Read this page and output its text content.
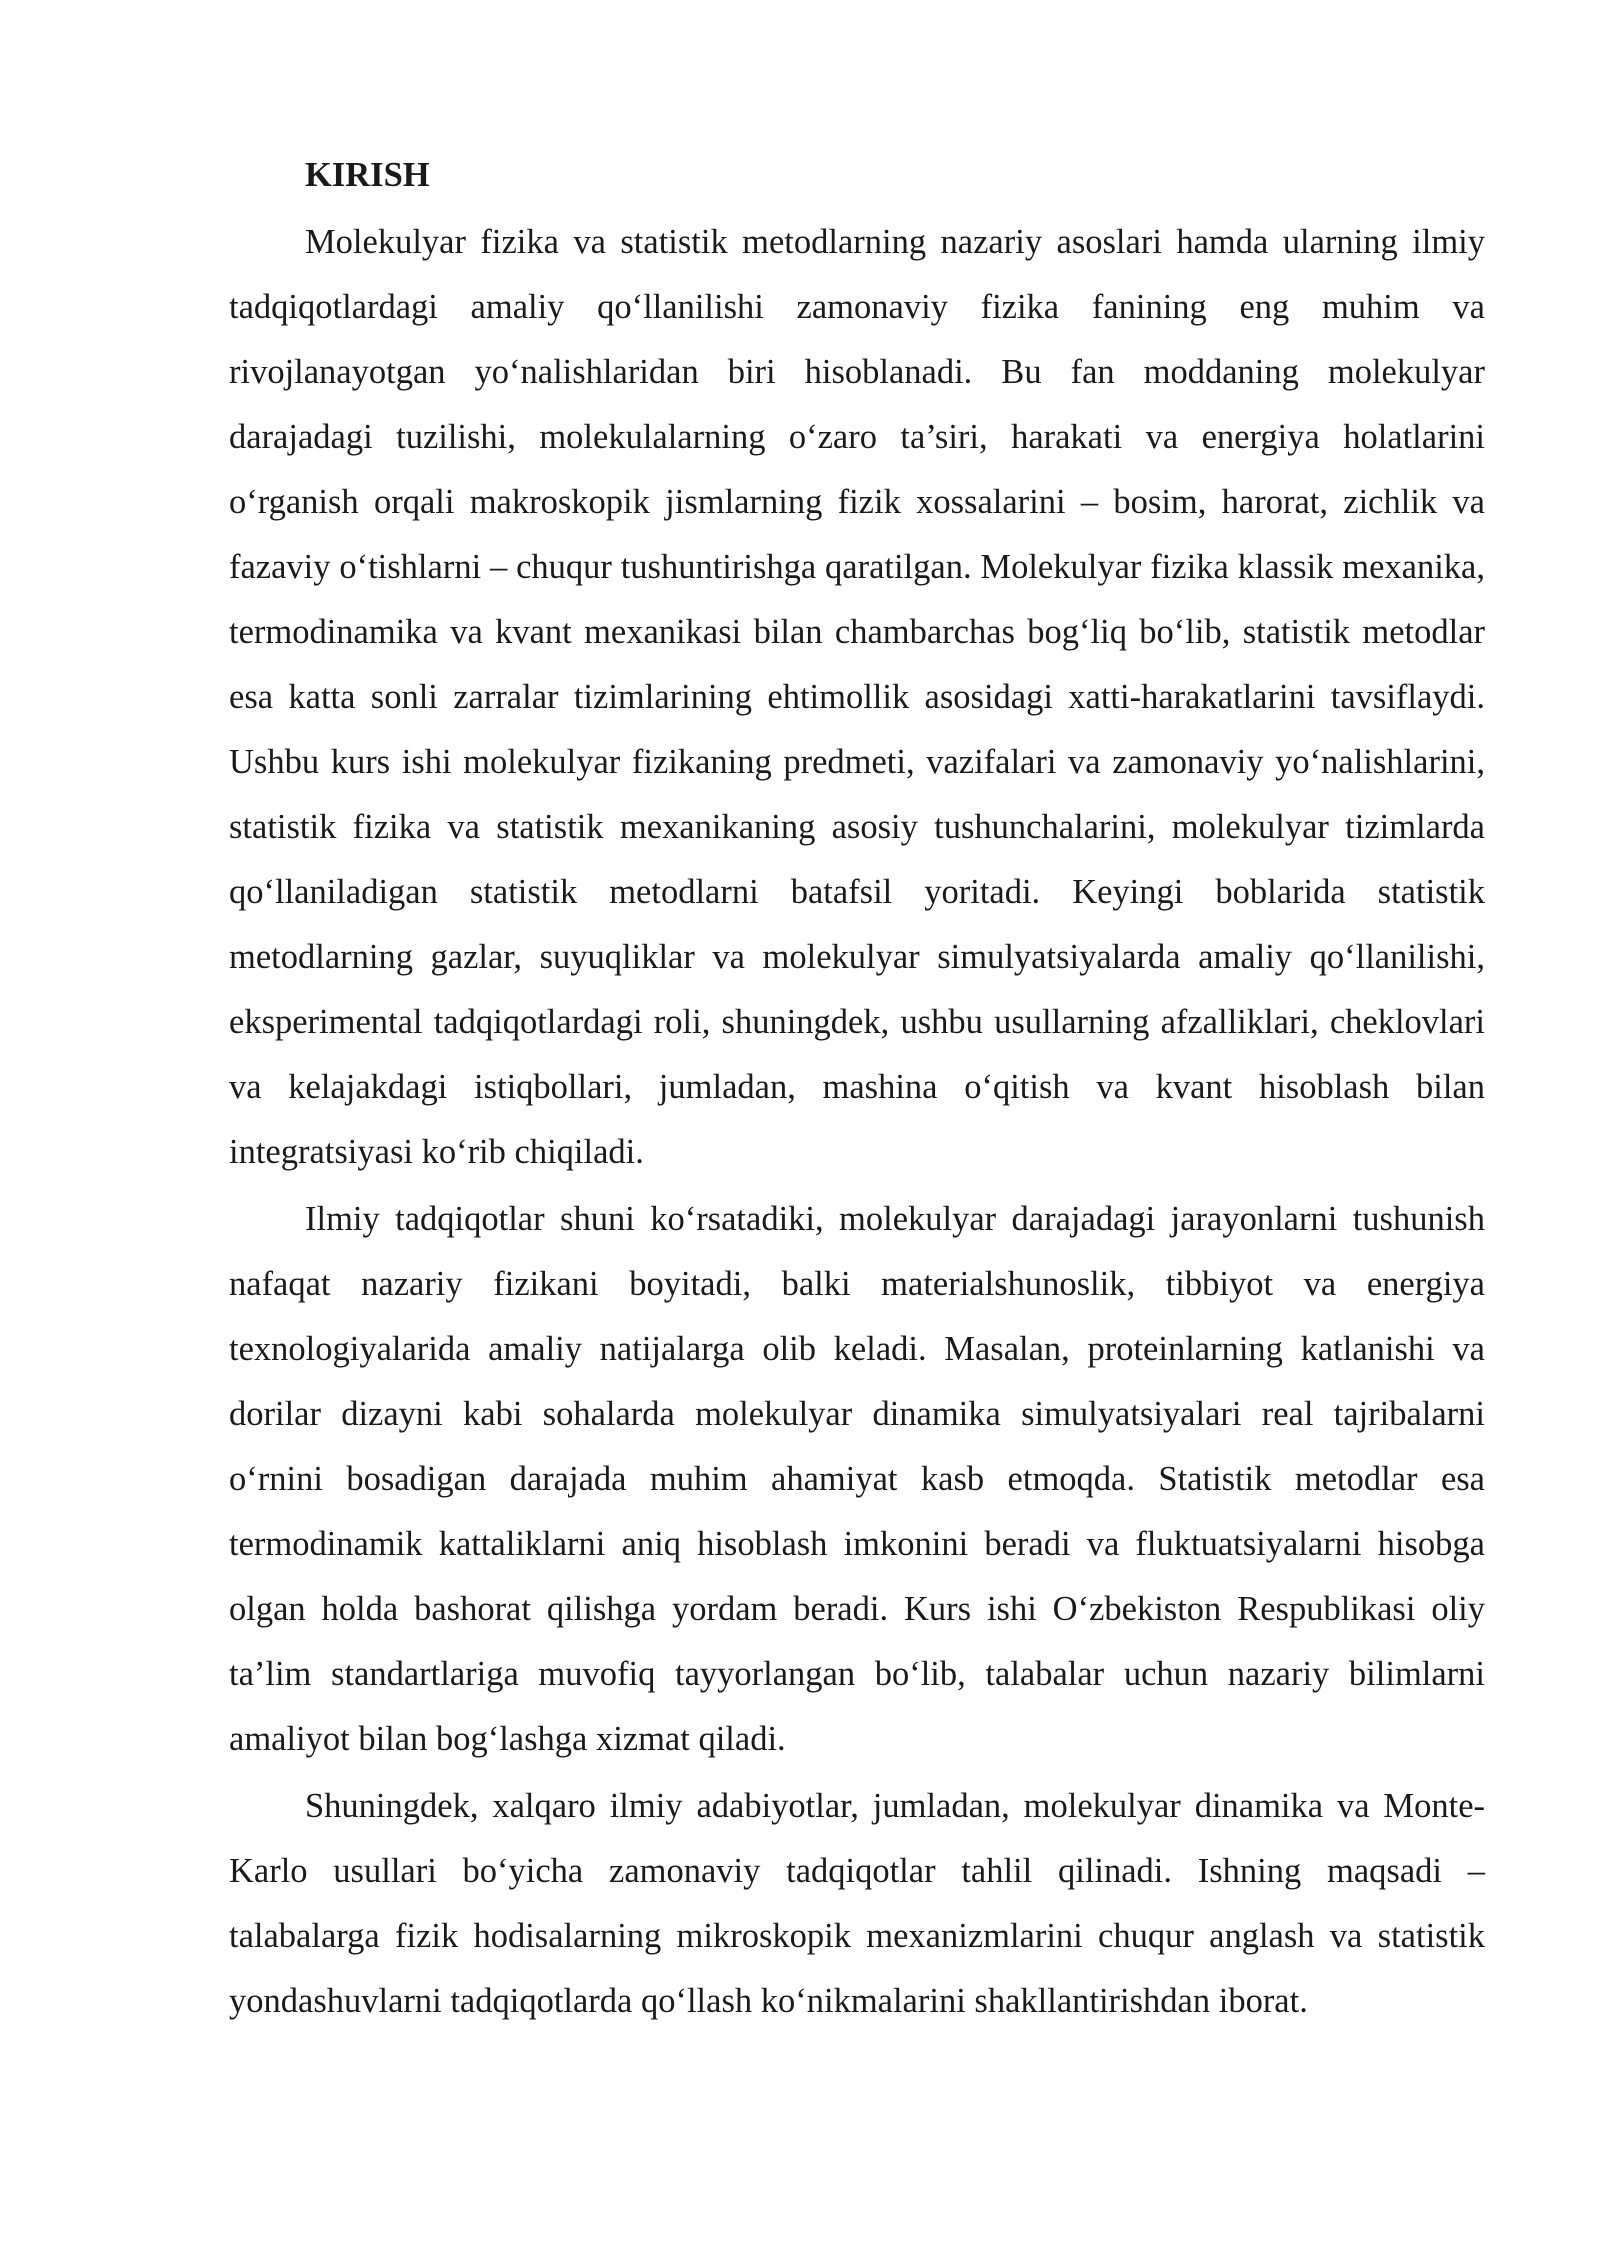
KIRISH

Molekulyar fizika va statistik metodlarning nazariy asoslari hamda ularning ilmiy tadqiqotlardagi amaliy qo‘llanilishi zamonaviy fizika fanining eng muhim va rivojlanayotgan yo‘nalishlaridan biri hisoblanadi. Bu fan moddaning molekulyar darajadagi tuzilishi, molekulalarning o‘zaro ta’siri, harakati va energiya holatlarini o‘rganish orqali makroskopik jismlarning fizik xossalarini – bosim, harorat, zichlik va fazaviy o‘tishlarni – chuqur tushuntirishga qaratilgan. Molekulyar fizika klassik mexanika, termodinamika va kvant mexanikasi bilan chambarchas bog‘liq bo‘lib, statistik metodlar esa katta sonli zarralar tizimlarining ehtimollik asosidagi xatti-harakatlarini tavsiflaydi. Ushbu kurs ishi molekulyar fizikaning predmeti, vazifalari va zamonaviy yo‘nalishlarini, statistik fizika va statistik mexanikaning asosiy tushunchalarini, molekulyar tizimlarda qo‘llaniladigan statistik metodlarni batafsil yoritadi. Keyingi boblarida statistik metodlarning gazlar, suyuqliklar va molekulyar simulyatsiyalarda amaliy qo‘llanilishi, eksperimental tadqiqotlardagi roli, shuningdek, ushbu usullarning afzalliklari, cheklovlari va kelajakdagi istiqbollari, jumladan, mashina o‘qitish va kvant hisoblash bilan integratsiyasi ko‘rib chiqiladi.

Ilmiy tadqiqotlar shuni ko‘rsatadiki, molekulyar darajadagi jarayonlarni tushunish nafaqat nazariy fizikani boyitadi, balki materialshunoslik, tibbiyot va energiya texnologiyalarida amaliy natijalarga olib keladi. Masalan, proteinlarning katlanishi va dorilar dizayni kabi sohalarda molekulyar dinamika simulyatsiyalari real tajribalarni o‘rnini bosadigan darajada muhim ahamiyat kasb etmoqda. Statistik metodlar esa termodinamik kattaliklarni aniq hisoblash imkonini beradi va fluktuatsiyalarni hisobga olgan holda bashorat qilishga yordam beradi. Kurs ishi O‘zbekiston Respublikasi oliy ta’lim standartlariga muvofiq tayyorlangan bo‘lib, talabalar uchun nazariy bilimlarni amaliyot bilan bog‘lashga xizmat qiladi.

Shuningdek, xalqaro ilmiy adabiyotlar, jumladan, molekulyar dinamika va Monte-Karlo usullari bo‘yicha zamonaviy tadqiqotlar tahlil qilinadi. Ishning maqsadi – talabalarga fizik hodisalarning mikroskopik mexanizmlarini chuqur anglash va statistik yondashuvlarni tadqiqotlarda qo‘llash ko‘nikmalarini shakllantirishdan iborat.
